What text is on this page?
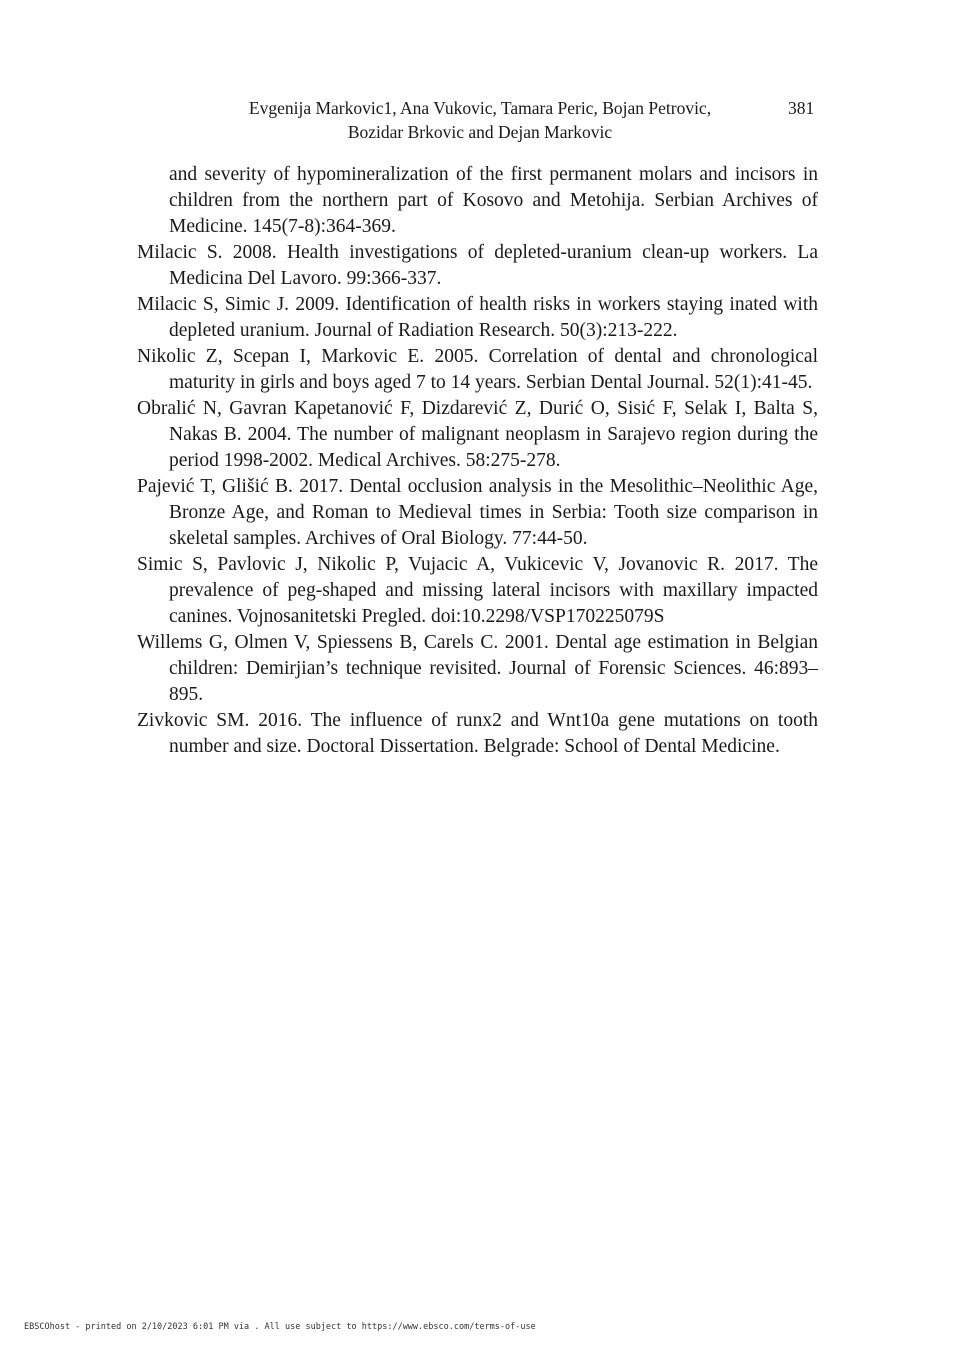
Evgenija Markovic1, Ana Vukovic, Tamara Peric, Bojan Petrovic,
Bozidar Brkovic and Dejan Markovic
381

and severity of hypomineralization of the first permanent molars and incisors in children from the northern part of Kosovo and Metohija. Serbian Archives of Medicine. 145(7-8):364-369.

Milacic S. 2008. Health investigations of depleted-uranium clean-up workers. La Medicina Del Lavoro. 99:366-337.

Milacic S, Simic J. 2009. Identification of health risks in workers staying inated with depleted uranium. Journal of Radiation Research. 50(3):213-222.

Nikolic Z, Scepan I, Markovic E. 2005. Correlation of dental and chronological maturity in girls and boys aged 7 to 14 years. Serbian Dental Journal. 52(1):41-45.

Obralić N, Gavran Kapetanović F, Dizdarević Z, Durić O, Sisić F, Selak I, Balta S, Nakas B. 2004. The number of malignant neoplasm in Sarajevo region during the period 1998-2002. Medical Archives. 58:275-278.

Pajević T, Glišić B. 2017. Dental occlusion analysis in the Mesolithic–Neolithic Age, Bronze Age, and Roman to Medieval times in Serbia: Tooth size comparison in skeletal samples. Archives of Oral Biology. 77:44-50.

Simic S, Pavlovic J, Nikolic P, Vujacic A, Vukicevic V, Jovanovic R. 2017. The prevalence of peg-shaped and missing lateral incisors with maxillary impacted canines. Vojnosanitetski Pregled. doi:10.2298/VSP170225079S

Willems G, Olmen V, Spiessens B, Carels C. 2001. Dental age estimation in Belgian children: Demirjian’s technique revisited. Journal of Forensic Sciences. 46:893–895.

Zivkovic SM. 2016. The influence of runx2 and Wnt10a gene mutations on tooth number and size. Doctoral Dissertation. Belgrade: School of Dental Medicine.

EBSCOhost - printed on 2/10/2023 6:01 PM via . All use subject to https://www.ebsco.com/terms-of-use
